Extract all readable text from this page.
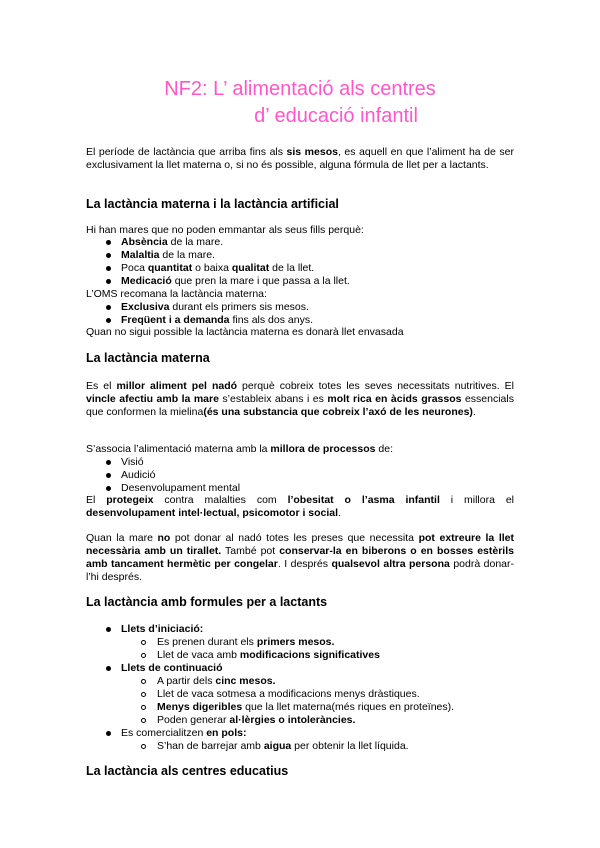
NF2: L’ alimentació als centres
d’ educació infantil
El període de lactància que arriba fins als sis mesos, es aquell en que l’aliment ha de ser exclusivament la llet materna o, si no és possible, alguna fórmula de llet per a lactants.
La lactància materna i la lactància artificial
Hi han mares que no poden emmantar als seus fills perquè:
Absència de la mare.
Malaltia de la mare.
Poca quantitat o baixa qualitat de la llet.
Medicació que pren la mare i que passa a la llet.
L’OMS recomana la lactància materna:
Exclusiva durant els primers sis mesos.
Freqüent i a demanda fins als dos anys.
Quan no sigui possible la lactància materna es donarà llet envasada
La lactància materna
Es el millor aliment pel nadó perquè cobreix totes les seves necessitats nutritives. El vincle afectiu amb la mare s’estableix abans i es molt rica en àcids grassos essencials que conformen la mielina(és una substancia que cobreix l’axó de les neurones).
S’associa l’alimentació materna amb la millora de processos de:
Visió
Audició
Desenvolupament mental
El protegeix contra malalties com l’obesitat o l’asma infantil i millora el desenvolupament intel·lectual, psicomotor i social.
Quan la mare no pot donar al nadó totes les preses que necessita pot extreure la llet necessària amb un tirallet. També pot conservar-la en biberons o en bosses estèrils amb tancament hermètic per congelar. I després qualsevol altra persona podrà donar-l’hi després.
La lactància amb formules per a lactants
Llets d’iniciació:
Es prenen durant els primers mesos.
Llet de vaca amb modificacions significatives
Llets de continuació
A partir dels cinc mesos.
Llet de vaca sotmesa a modificacions menys dràstiques.
Menys digeribles que la llet materna(més riques en proteïnes).
Poden generar al·lèrgies o intoleràncies.
Es comercialitzen en pols:
S’han de barrejar amb aigua per obtenir la llet líquida.
La lactància als centres educatius
